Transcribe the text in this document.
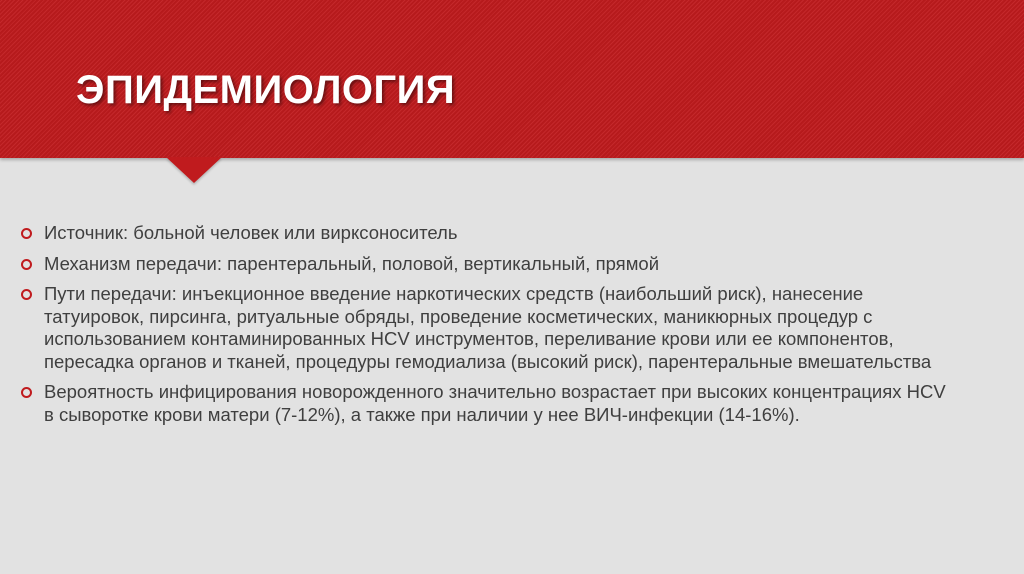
ЭПИДЕМИОЛОГИЯ
Источник: больной человек или вирксоноситель
Механизм передачи: парентеральный, половой, вертикальный, прямой
Пути передачи: инъекционное введение наркотических средств (наибольший риск), нанесение татуировок, пирсинга, ритуальные обряды, проведение косметических, маникюрных процедур с использованием контаминированных HCV инструментов, переливание крови или ее компонентов, пересадка органов и тканей, процедуры гемодиализа (высокий риск), парентеральные вмешательства
Вероятность инфицирования новорожденного значительно возрастает при высоких концентрациях HCV в сыворотке крови матери (7-12%), а также при наличии у нее ВИЧ-инфекции (14-16%).
